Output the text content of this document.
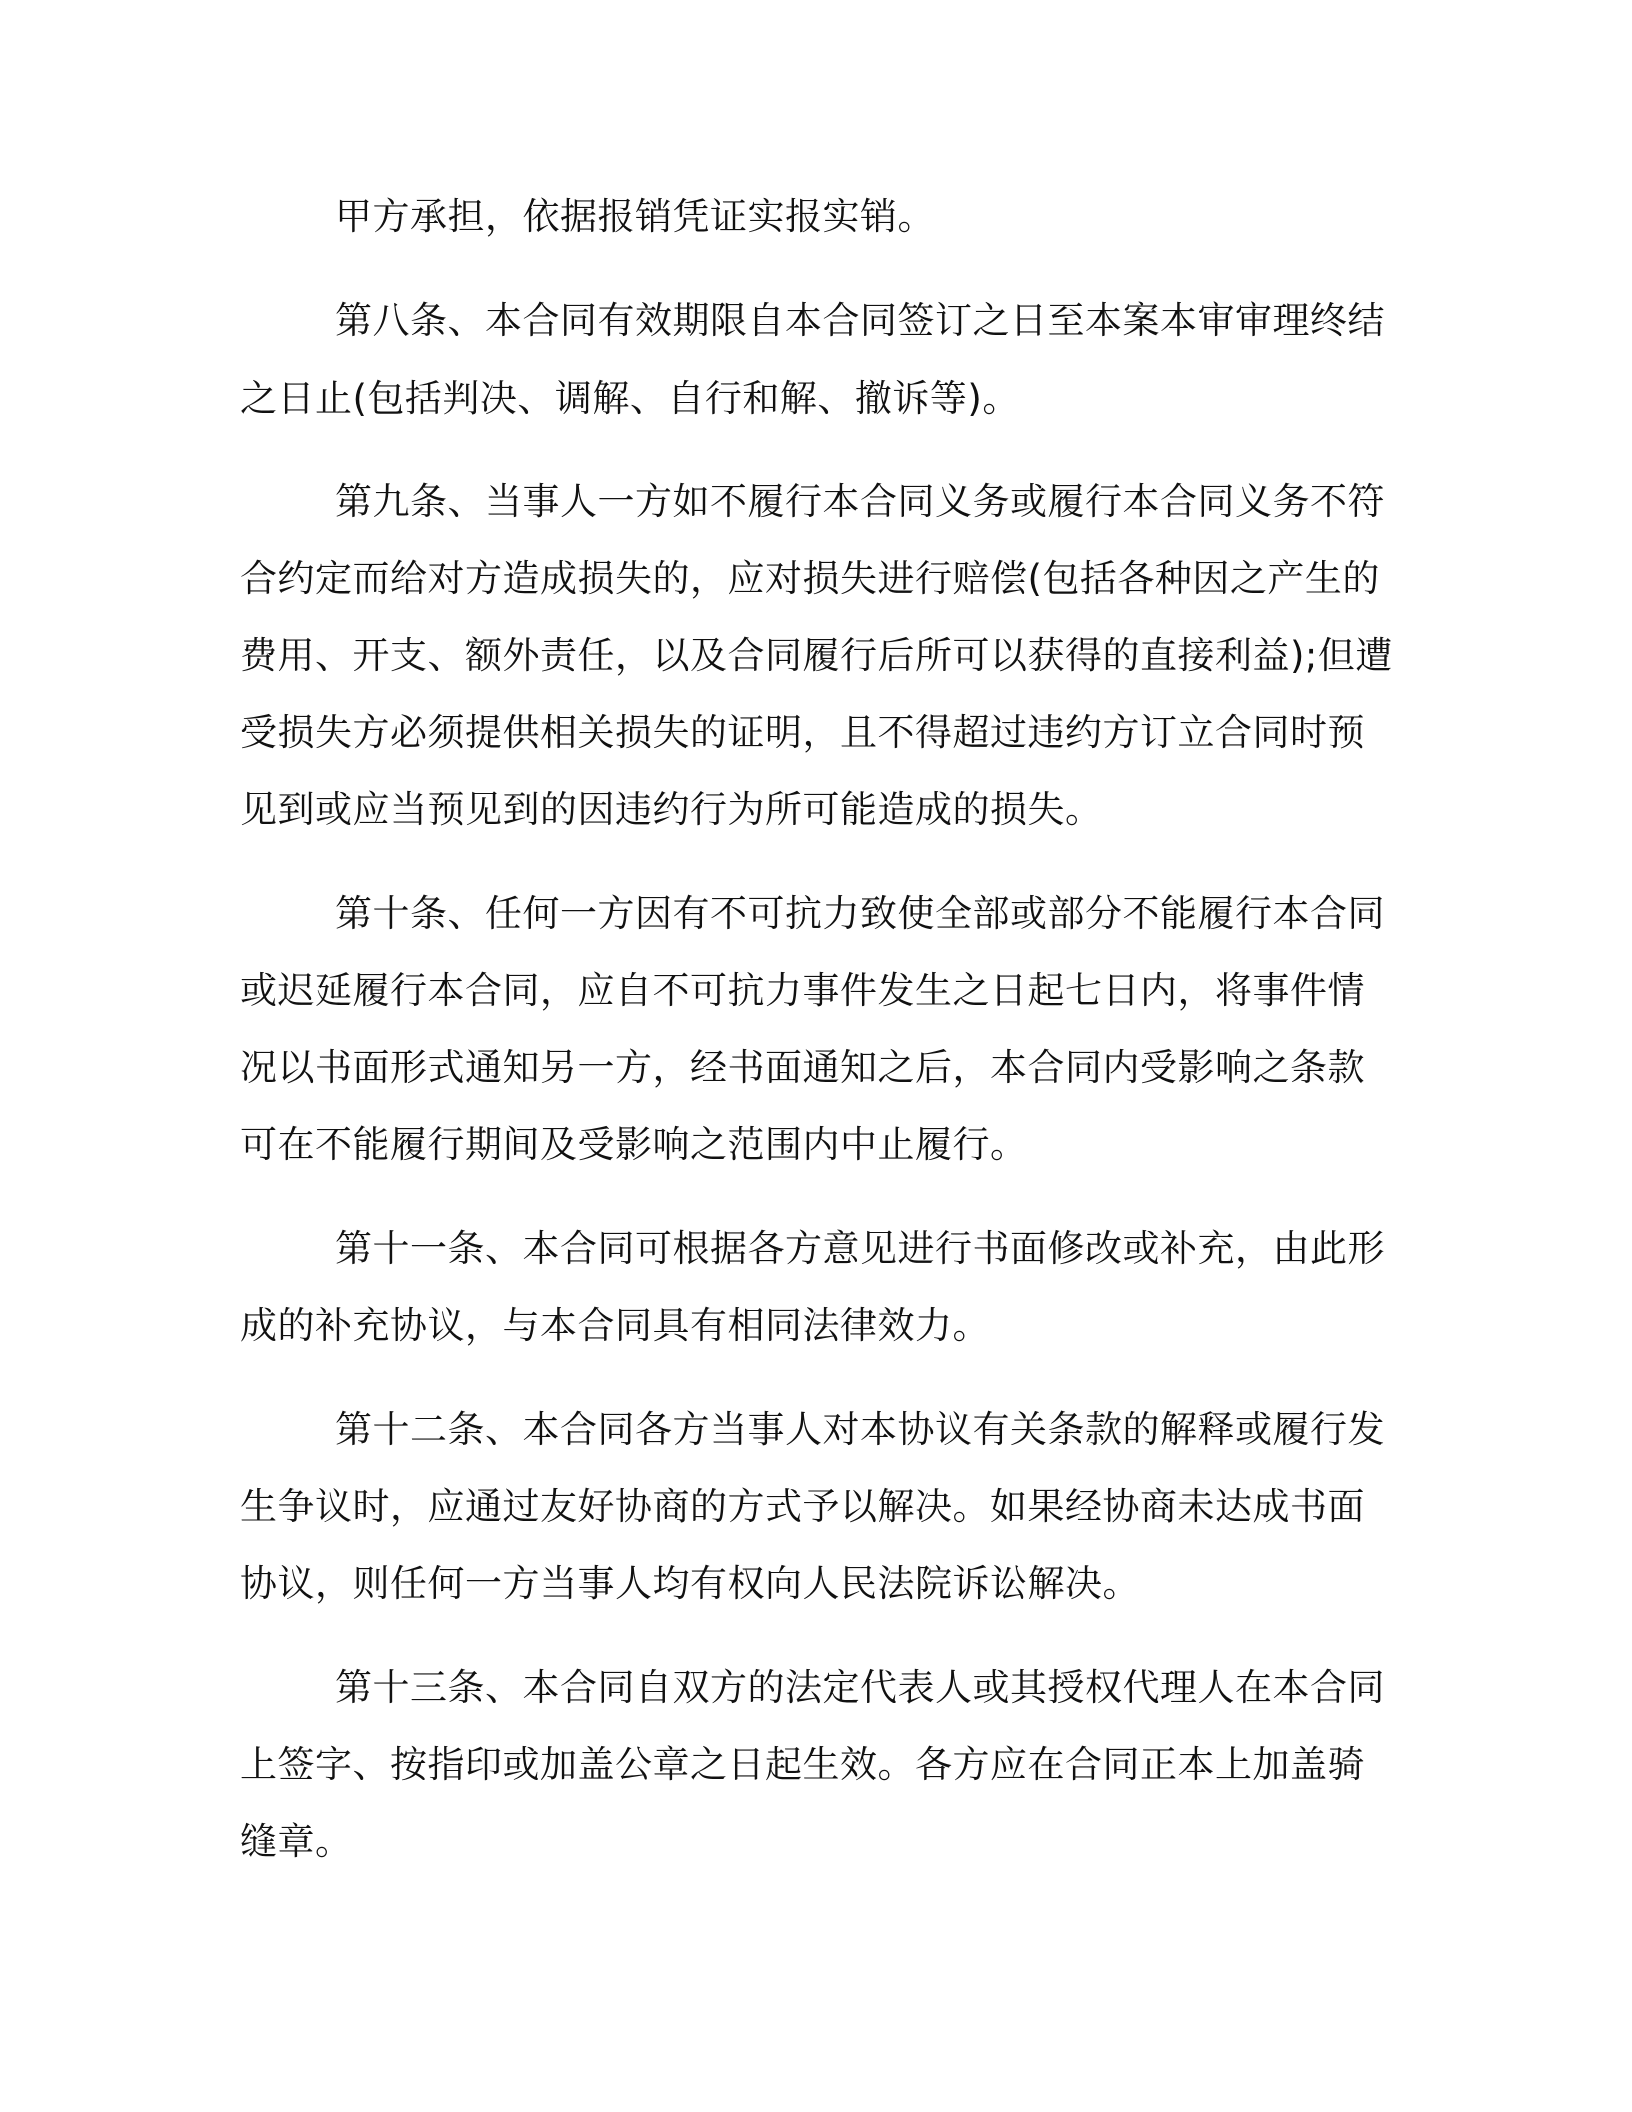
甲方承担，依据报销凭证实报实销。

第八条、本合同有效期限自本合同签订之日至本案本审审理终结

之日止(包括判决、调解、自行和解、撤诉等)。

第九条、当事人一方如不履行本合同义务或履行本合同义务不符

合约定而给对方造成损失的，应对损失进行赔偿(包括各种因之产生的

费用、开支、额外责任，以及合同履行后所可以获得的直接利益);但遭

受损失方必须提供相关损失的证明，且不得超过违约方订立合同时预

见到或应当预见到的因违约行为所可能造成的损失。

第十条、任何一方因有不可抗力致使全部或部分不能履行本合同

或迟延履行本合同，应自不可抗力事件发生之日起七日内，将事件情

况以书面形式通知另一方，经书面通知之后，本合同内受影响之条款

可在不能履行期间及受影响之范围内中止履行。

第十一条、本合同可根据各方意见进行书面修改或补充，由此形

成的补充协议，与本合同具有相同法律效力。

第十二条、本合同各方当事人对本协议有关条款的解释或履行发

生争议时，应通过友好协商的方式予以解决。如果经协商未达成书面

协议，则任何一方当事人均有权向人民法院诉讼解决。

第十三条、本合同自双方的法定代表人或其授权代理人在本合同

上签字、按指印或加盖公章之日起生效。各方应在合同正本上加盖骑

缝章。
